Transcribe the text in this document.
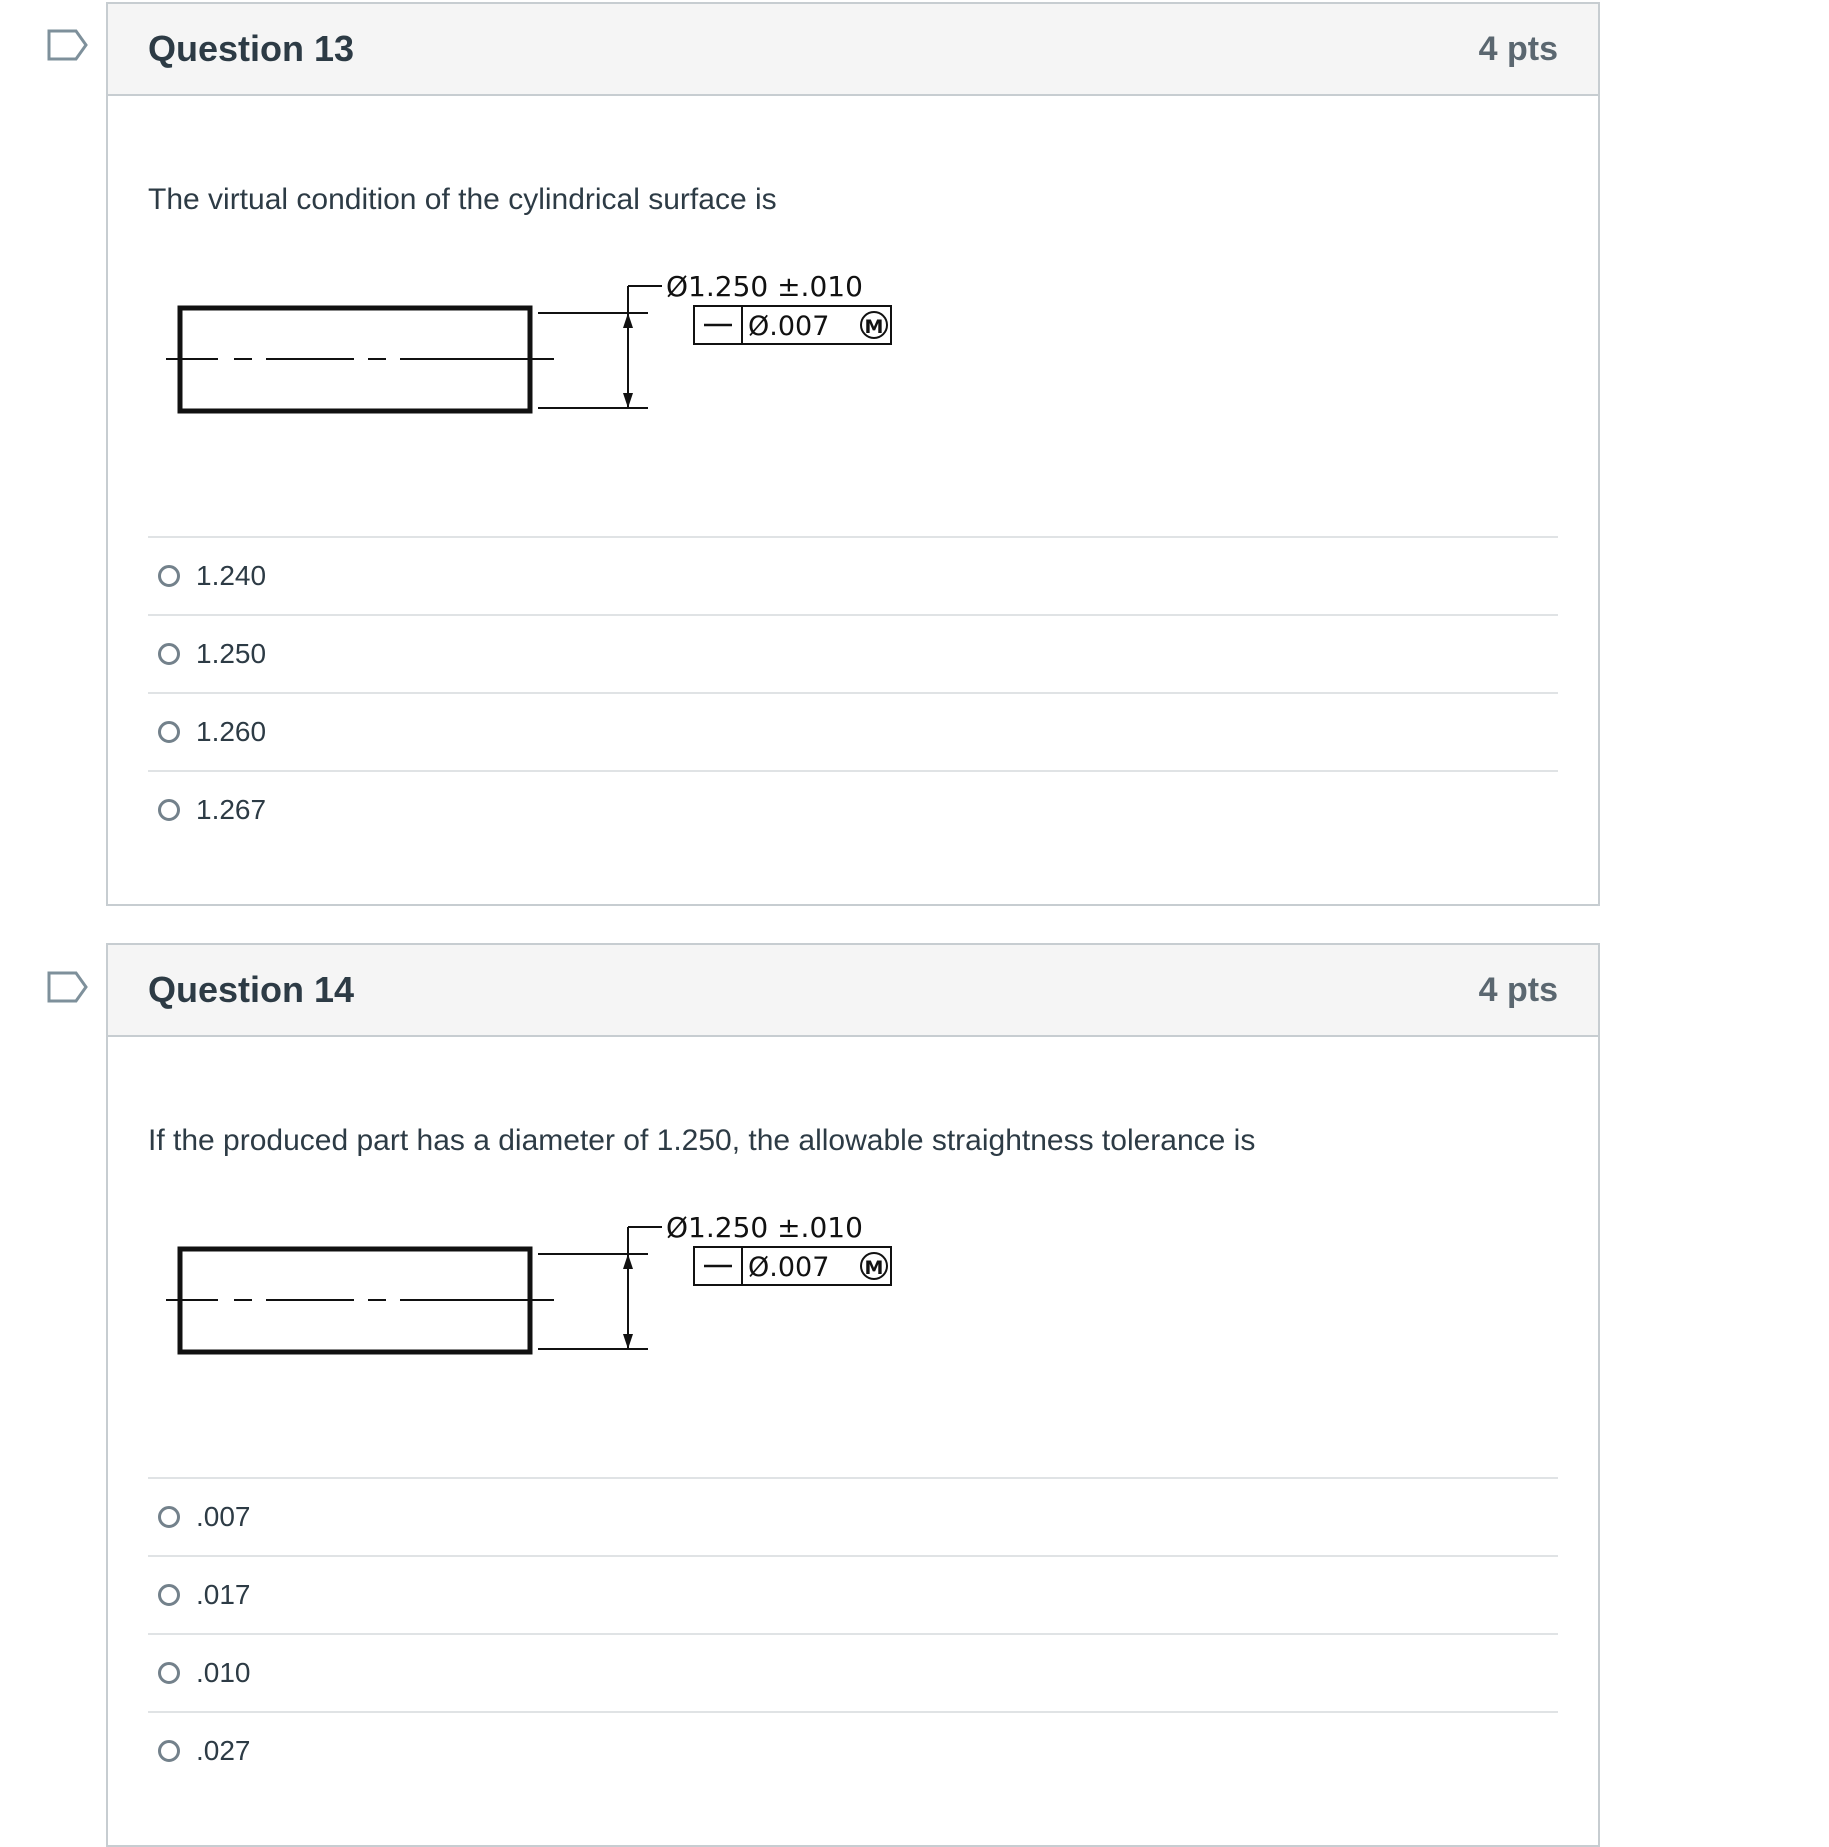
Question 13	4 pts

The virtual condition of the cylindrical surface is

Ø1.250 ±.010
Ø.007 M
1.240
1.250
1.260
1.267
Question 14	4 pts

If the produced part has a diameter of 1.250, the allowable straightness tolerance is

Ø1.250 ±.010
Ø.007 M
.007
.017
.010
.027
